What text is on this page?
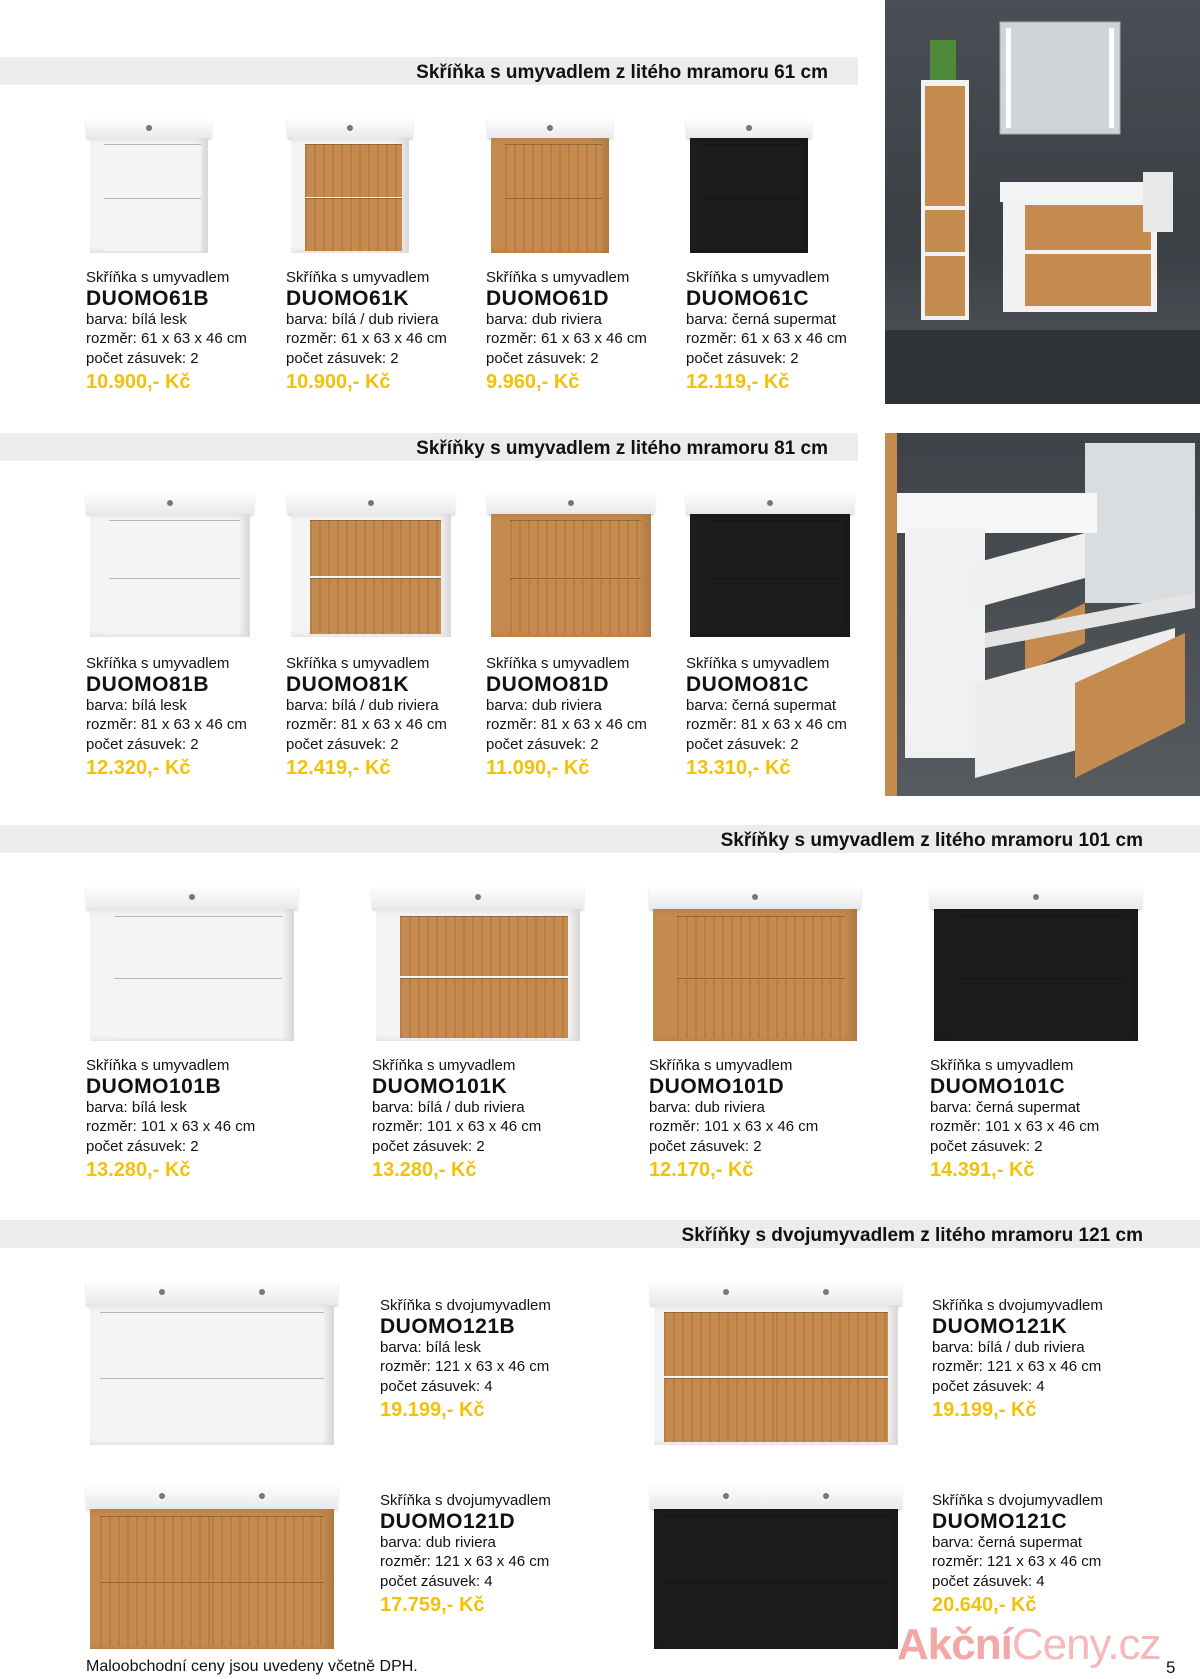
Skříňka s umyvadlem z litého mramoru 61 cm
Skříňky s umyvadlem z litého mramoru 81 cm
Skříňky s umyvadlem z litého mramoru 101 cm
Skříňky s dvojumyvadlem z litého mramoru 121 cm
Skříňka s umyvadlem
DUOMO61B
barva: bílá lesk
rozměr: 61 x 63 x 46 cm
počet zásuvek: 2
10.900,- Kč
Skříňka s umyvadlem
DUOMO61K
barva: bílá / dub riviera
rozměr: 61 x 63 x 46 cm
počet zásuvek: 2
10.900,- Kč
Skříňka s umyvadlem
DUOMO61D
barva: dub riviera
rozměr: 61 x 63 x 46 cm
počet zásuvek: 2
9.960,- Kč
Skříňka s umyvadlem
DUOMO61C
barva: černá supermat
rozměr: 61 x 63 x 46 cm
počet zásuvek: 2
12.119,- Kč
Skříňka s umyvadlem
DUOMO81B
barva: bílá lesk
rozměr: 81 x 63 x 46 cm
počet zásuvek: 2
12.320,- Kč
Skříňka s umyvadlem
DUOMO81K
barva: bílá / dub riviera
rozměr: 81 x 63 x 46 cm
počet zásuvek: 2
12.419,- Kč
Skříňka s umyvadlem
DUOMO81D
barva: dub riviera
rozměr: 81 x 63 x 46 cm
počet zásuvek: 2
11.090,- Kč
Skříňka s umyvadlem
DUOMO81C
barva: černá supermat
rozměr: 81 x 63 x 46 cm
počet zásuvek: 2
13.310,- Kč
Skříňka s umyvadlem
DUOMO101B
barva: bílá lesk
rozměr: 101 x 63 x 46 cm
počet zásuvek: 2
13.280,- Kč
Skříňka s umyvadlem
DUOMO101K
barva: bílá / dub riviera
rozměr: 101 x 63 x 46 cm
počet zásuvek: 2
13.280,- Kč
Skříňka s umyvadlem
DUOMO101D
barva: dub riviera
rozměr: 101 x 63 x 46 cm
počet zásuvek: 2
12.170,- Kč
Skříňka s umyvadlem
DUOMO101C
barva: černá supermat
rozměr: 101 x 63 x 46 cm
počet zásuvek: 2
14.391,- Kč
Skříňka s dvojumyvadlem
DUOMO121B
barva: bílá lesk
rozměr: 121 x 63 x 46 cm
počet zásuvek: 4
19.199,- Kč
Skříňka s dvojumyvadlem
DUOMO121K
barva: bílá / dub riviera
rozměr: 121 x 63 x 46 cm
počet zásuvek: 4
19.199,- Kč
Skříňka s dvojumyvadlem
DUOMO121D
barva: dub riviera
rozměr: 121 x 63 x 46 cm
počet zásuvek: 4
17.759,- Kč
Skříňka s dvojumyvadlem
DUOMO121C
barva: černá supermat
rozměr: 121 x 63 x 46 cm
počet zásuvek: 4
20.640,- Kč
Maloobchodní ceny jsou uvedeny včetně DPH.	AkčníCeny.cz 5
